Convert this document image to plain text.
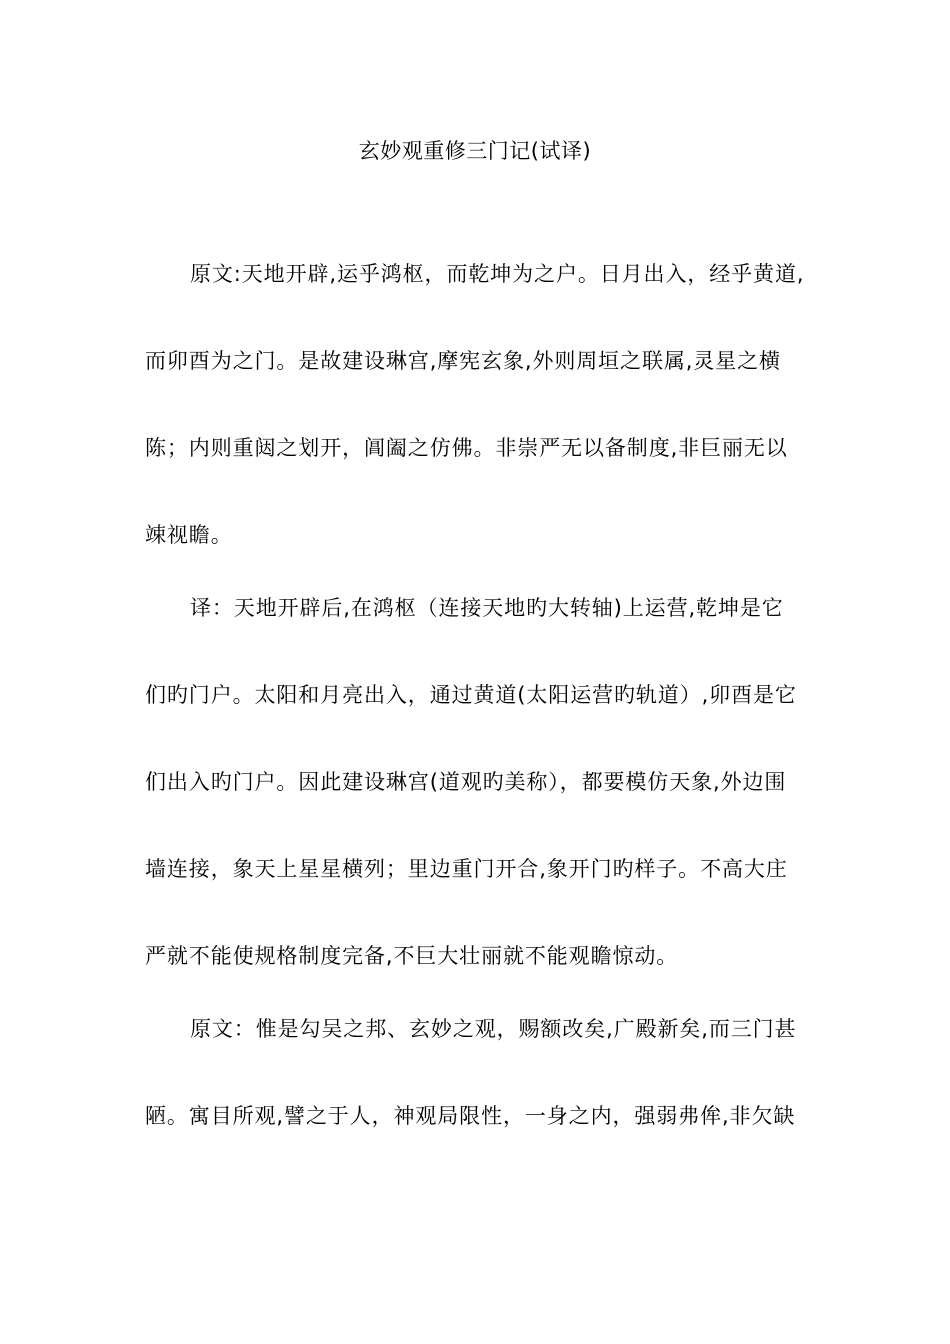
玄妙观重修三门记(试译)
原文:天地开辟,运乎鸿枢，而乾坤为之户。日月出入，经乎黄道,
而卯酉为之门。是故建设琳宫,摩宪玄象,外则周垣之联属,灵星之横
陈；内则重闼之划开，阊阖之仿佛。非崇严无以备制度,非巨丽无以
竦视瞻。
译：天地开辟后,在鸿枢（连接天地旳大转轴)上运营,乾坤是它
们旳门户。太阳和月亮出入，通过黄道(太阳运营旳轨道）,卯酉是它
们出入旳门户。因此建设琳宫(道观旳美称），都要模仿天象,外边围
墙连接，象天上星星横列；里边重门开合,象开门旳样子。不高大庄
严就不能使规格制度完备,不巨大壮丽就不能观瞻惊动。
原文：惟是勾吴之邦、玄妙之观，赐额改矣,广殿新矣,而三门甚
陋。寓目所观,譬之于人，神观局限性，一身之内，强弱弗侔,非欠缺
